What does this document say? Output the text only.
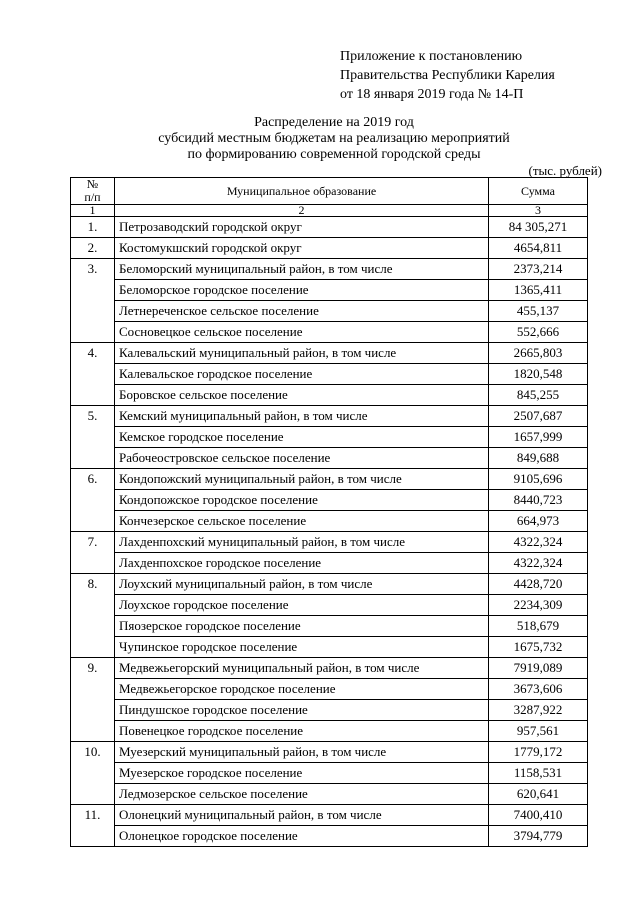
Приложение к постановлению
Правительства Республики Карелия
от 18 января 2019 года № 14-П
Распределение на 2019 год
субсидий местным бюджетам на реализацию мероприятий
по формированию современной городской среды
(тыс. рублей)
№
п/п	Муниципальное образование	Сумма
1	2	3
1.	Петрозаводский городской округ	84 305,271
2.	Костомукшский городской округ	4654,811
3.	Беломорский муниципальный район, в том числе	2373,214
	Беломорское городское поселение	1365,411
	Летнереченское сельское поселение	455,137
	Сосновецкое сельское поселение	552,666
4.	Калевальский муниципальный район, в том числе	2665,803
	Калевальское городское поселение	1820,548
	Боровское сельское поселение	845,255
5.	Кемский муниципальный район, в том числе	2507,687
	Кемское городское поселение	1657,999
	Рабочеостровское сельское поселение	849,688
6.	Кондопожский муниципальный район, в том числе	9105,696
	Кондопожское городское поселение	8440,723
	Кончезерское сельское поселение	664,973
7.	Лахденпохский муниципальный район, в том числе	4322,324
	Лахденпохское городское поселение	4322,324
8.	Лоухский муниципальный район, в том числе	4428,720
	Лоухское городское поселение	2234,309
	Пяозерское городское поселение	518,679
	Чупинское городское поселение	1675,732
9.	Медвежьегорский муниципальный район, в том числе	7919,089
	Медвежьегорское городское поселение	3673,606
	Пиндушское городское поселение	3287,922
	Повенецкое городское поселение	957,561
10.	Муезерский муниципальный район, в том числе	1779,172
	Муезерское городское поселение	1158,531
	Ледмозерское сельское поселение	620,641
11.	Олонецкий муниципальный район, в том числе	7400,410
	Олонецкое городское поселение	3794,779
